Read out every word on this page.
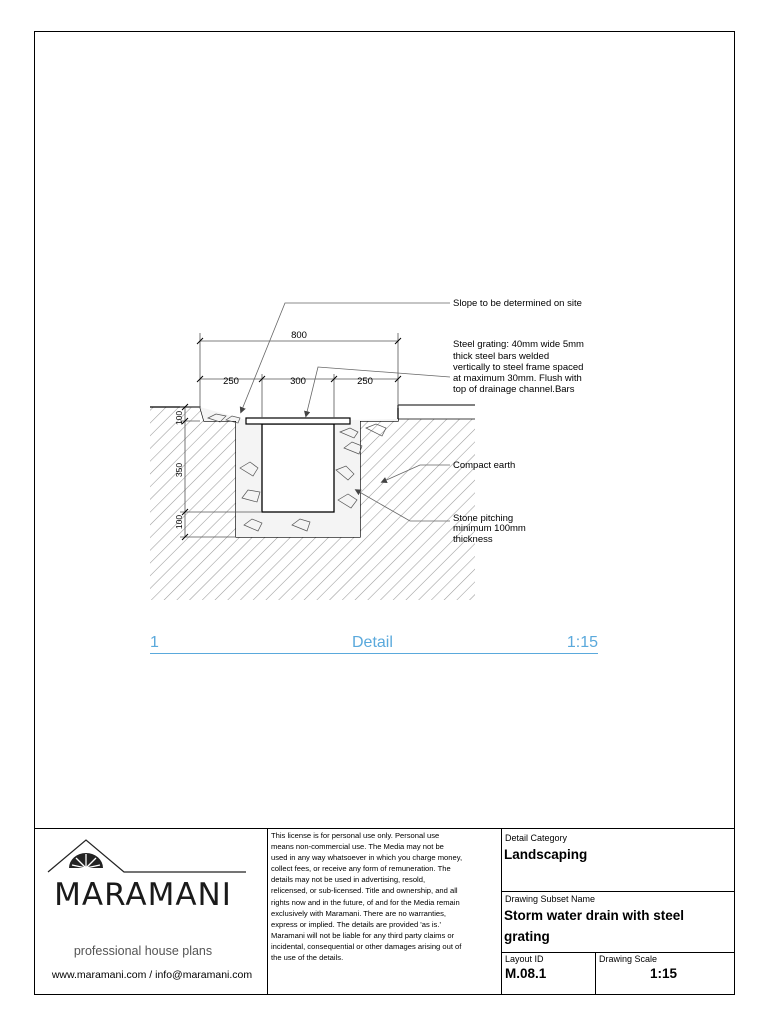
800
250	300	250
100
350
100
Slope to be determined on site
Steel grating: 40mm wide 5mm
thick steel bars welded
vertically to steel frame spaced
at maximum 30mm. Flush with
top of drainage channel.Bars
Compact earth
Stone pitching
minimum 100mm
thickness
1	Detail	1:15
MARAMANI
professional house plans
www.maramani.com / info@maramani.com
This license is for personal use only. Personal use
means non-commercial use. The Media may not be
used in any way whatsoever in which you charge money,
collect fees, or receive any form of remuneration. The
details may not be used in advertising, resold,
relicensed, or sub-licensed. Title and ownership, and all
rights now and in the future, of and for the Media remain
exclusively with Maramani. There are no warranties,
express or implied. The details are provided 'as is.'
Maramani will not be liable for any third party claims or
incidental, consequential or other damages arising out of
the use of the details.
Detail Category
Landscaping
Drawing Subset Name
Storm water drain with steel
grating
Layout ID
M.08.1
Drawing Scale
1:15
